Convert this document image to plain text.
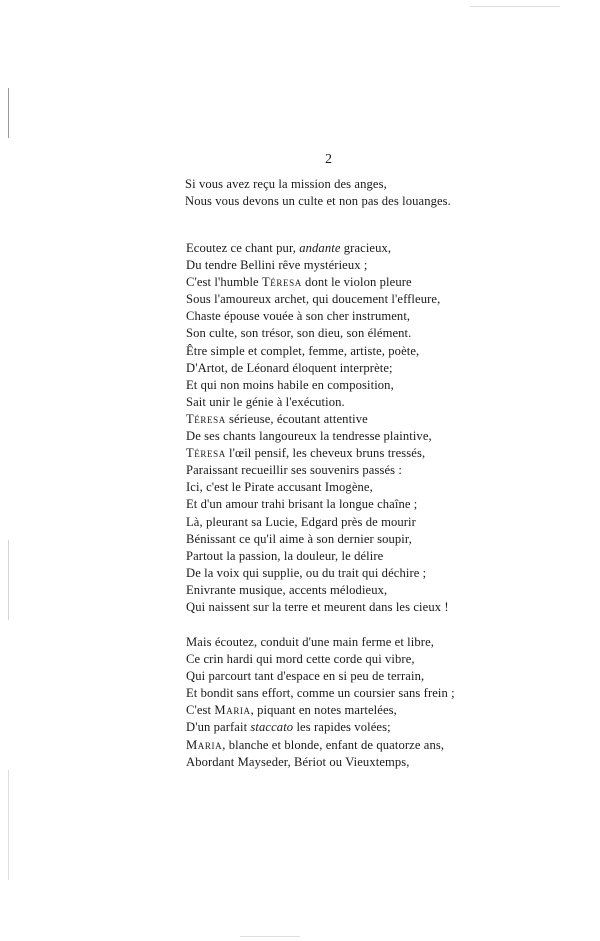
2
Si vous avez reçu la mission des anges,
Nous vous devons un culte et non pas des louanges.
Ecoutez ce chant pur, andante gracieux,
Du tendre Bellini rêve mystérieux ;
C'est l'humble Téresa dont le violon pleure
Sous l'amoureux archet, qui doucement l'effleure,
Chaste épouse vouée à son cher instrument,
Son culte, son trésor, son dieu, son élément.
Être simple et complet, femme, artiste, poète,
D'Artot, de Léonard éloquent interprète;
Et qui non moins habile en composition,
Sait unir le génie à l'exécution.
Téresa sérieuse, écoutant attentive
De ses chants langoureux la tendresse plaintive,
Téresa l'œil pensif, les cheveux bruns tressés,
Paraissant recueillir ses souvenirs passés :
Ici, c'est le Pirate accusant Imogène,
Et d'un amour trahi brisant la longue chaîne ;
Là, pleurant sa Lucie, Edgard près de mourir
Bénissant ce qu'il aime à son dernier soupir,
Partout la passion, la douleur, le délire
De la voix qui supplie, ou du trait qui déchire ;
Enivrante musique, accents mélodieux,
Qui naissent sur la terre et meurent dans les cieux !
Mais écoutez, conduit d'une main ferme et libre,
Ce crin hardi qui mord cette corde qui vibre,
Qui parcourt tant d'espace en si peu de terrain,
Et bondit sans effort, comme un coursier sans frein ;
C'est Maria, piquant en notes martelées,
D'un parfait staccato les rapides volées;
Maria, blanche et blonde, enfant de quatorze ans,
Abordant Mayseder, Bériot ou Vieuxtemps,
